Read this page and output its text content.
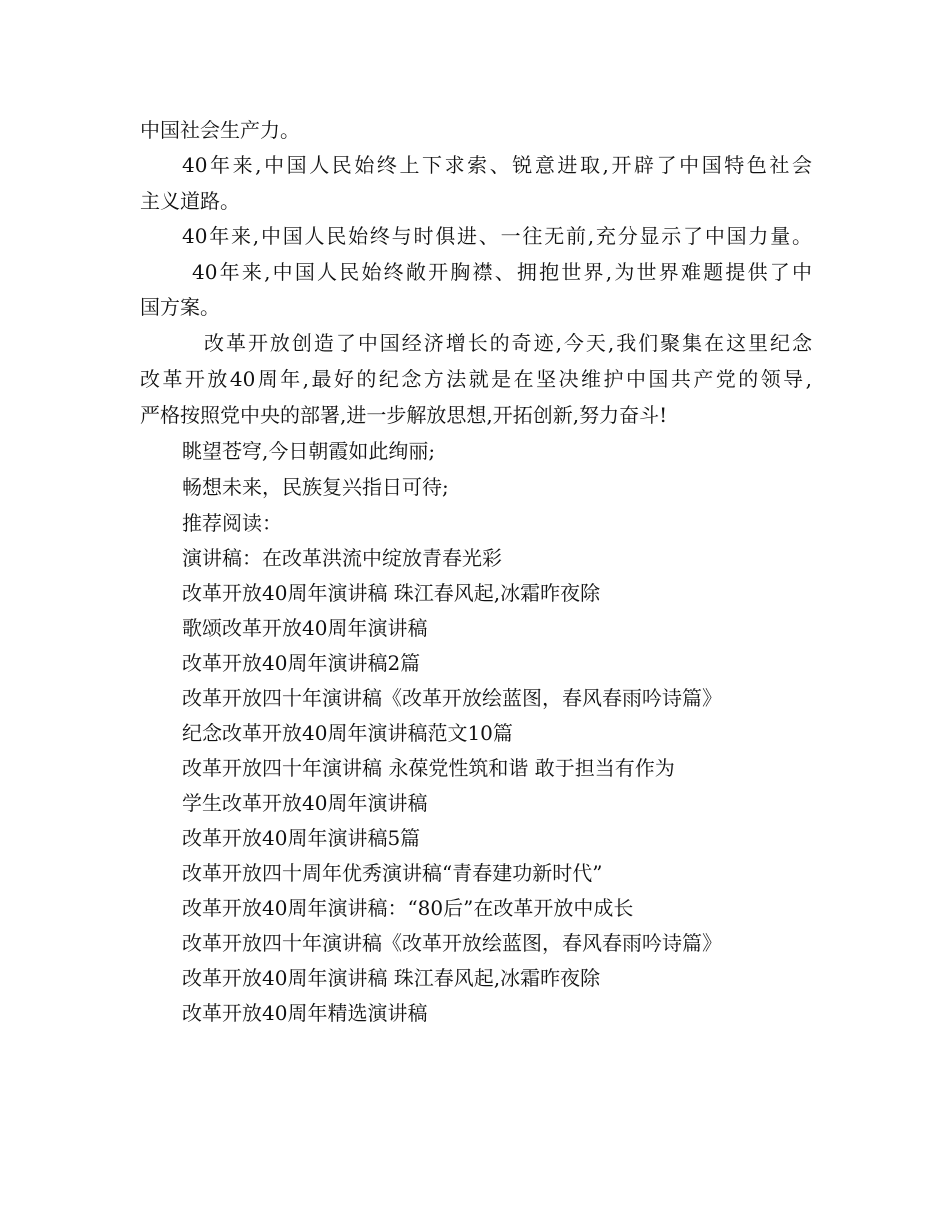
中国社会生产力。
40年来,中国人民始终上下求索、锐意进取,开辟了中国特色社会
主义道路。
40年来,中国人民始终与时俱进、一往无前,充分显示了中国力量。
40年来,中国人民始终敞开胸襟、拥抱世界,为世界难题提供了中
国方案。
改革开放创造了中国经济增长的奇迹,今天,我们聚集在这里纪念
改革开放40周年,最好的纪念方法就是在坚决维护中国共产党的领导,
严格按照党中央的部署,进一步解放思想,开拓创新,努力奋斗!
眺望苍穹,今日朝霞如此绚丽;
畅想未来，民族复兴指日可待;
推荐阅读：
演讲稿：在改革洪流中绽放青春光彩
改革开放40周年演讲稿 珠江春风起,冰霜昨夜除
歌颂改革开放40周年演讲稿
改革开放40周年演讲稿2篇
改革开放四十年演讲稿《改革开放绘蓝图，春风春雨吟诗篇》
纪念改革开放40周年演讲稿范文10篇
改革开放四十年演讲稿 永葆党性筑和谐 敢于担当有作为
学生改革开放40周年演讲稿
改革开放40周年演讲稿5篇
改革开放四十周年优秀演讲稿“青春建功新时代”
改革开放40周年演讲稿：“80后”在改革开放中成长
改革开放四十年演讲稿《改革开放绘蓝图，春风春雨吟诗篇》
改革开放40周年演讲稿 珠江春风起,冰霜昨夜除
改革开放40周年精选演讲稿
